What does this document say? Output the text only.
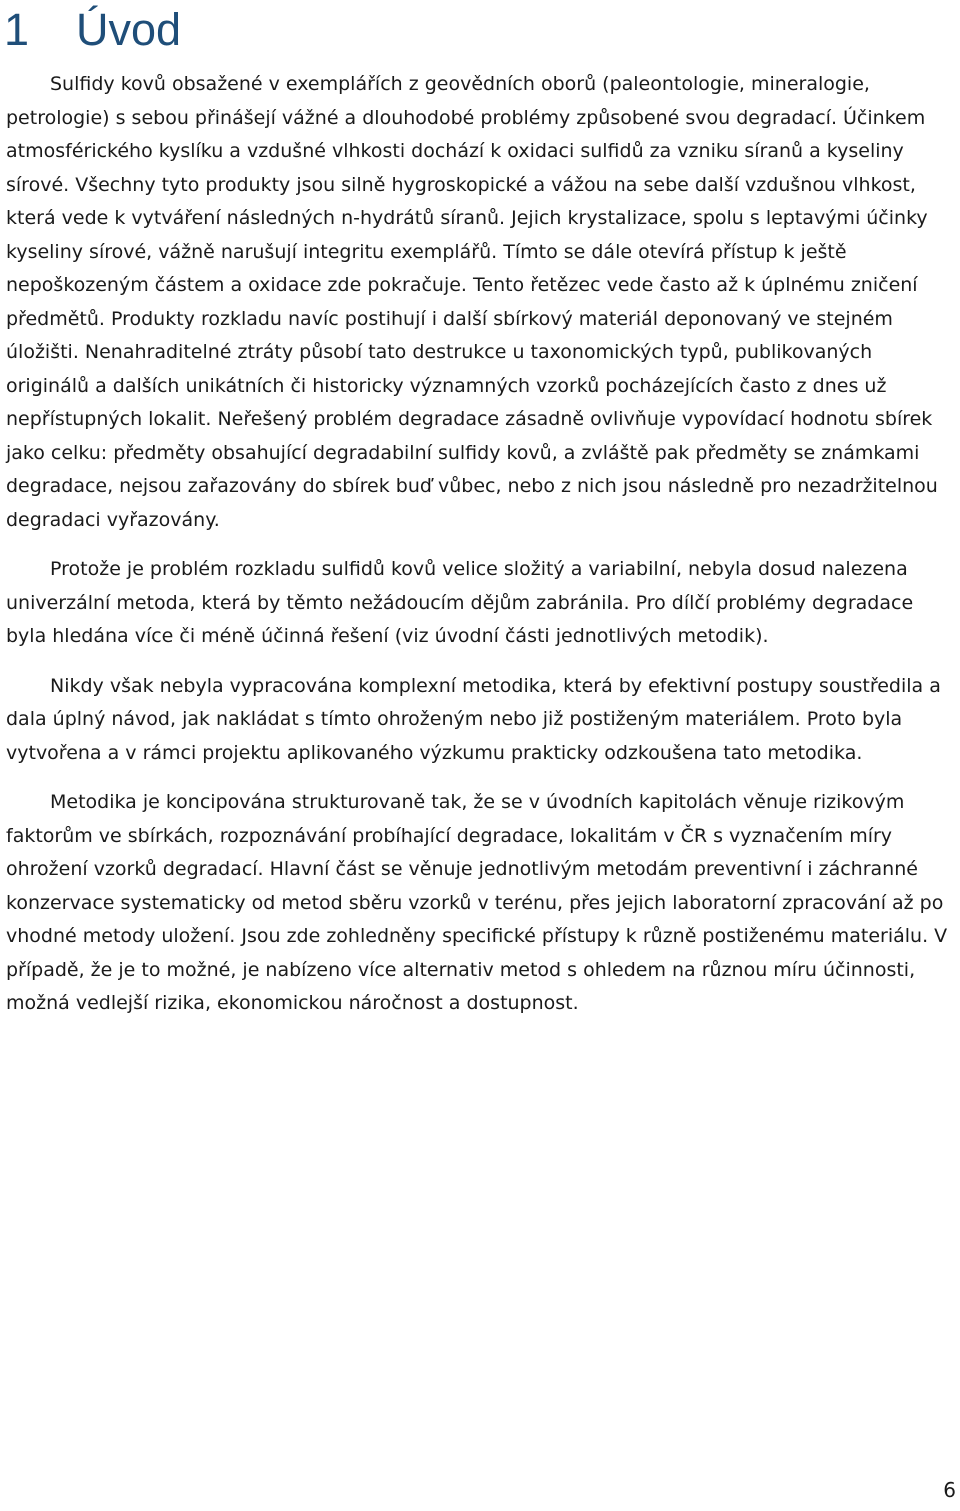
1 Úvod

Sulfidy kovů obsažené v exemplářích z geovědních oborů (paleontologie, mineralogie, petrologie) s sebou přinášejí vážné a dlouhodobé problémy způsobené svou degradací. Účinkem atmosférického kyslíku a vzdušné vlhkosti dochází k oxidaci sulfidů za vzniku síranů a kyseliny sírové. Všechny tyto produkty jsou silně hygroskopické a vážou na sebe další vzdušnou vlhkost, která vede k vytváření následných n-hydrátů síranů. Jejich krystalizace, spolu s leptavými účinky kyseliny sírové, vážně narušují integritu exemplářů. Tímto se dále otevírá přístup k ještě nepoškozeným částem a oxidace zde pokračuje. Tento řetězec vede často až k úplnému zničení předmětů. Produkty rozkladu navíc postihují i další sbírkový materiál deponovaný ve stejném úložišti. Nenahraditelné ztráty působí tato destrukce u taxonomických typů, publikovaných originálů a dalších unikátních či historicky významných vzorků pocházejících často z dnes už nepřístupných lokalit. Neřešený problém degradace zásadně ovlivňuje vypovídací hodnotu sbírek jako celku: předměty obsahující degradabilní sulfidy kovů, a zvláště pak předměty se známkami degradace, nejsou zařazovány do sbírek buď vůbec, nebo z nich jsou následně pro nezadržitelnou degradaci vyřazovány.

Protože je problém rozkladu sulfidů kovů velice složitý a variabilní, nebyla dosud nalezena univerzální metoda, která by těmto nežádoucím dějům zabránila. Pro dílčí problémy degradace byla hledána více či méně účinná řešení (viz úvodní části jednotlivých metodik).

Nikdy však nebyla vypracována komplexní metodika, která by efektivní postupy soustředila a dala úplný návod, jak nakládat s tímto ohroženým nebo již postiženým materiálem. Proto byla vytvořena a v rámci projektu aplikovaného výzkumu prakticky odzkoušena tato metodika.

Metodika je koncipována strukturovaně tak, že se v úvodních kapitolách věnuje rizikovým faktorům ve sbírkách, rozpoznávání probíhající degradace, lokalitám v ČR s vyznačením míry ohrožení vzorků degradací. Hlavní část se věnuje jednotlivým metodám preventivní i záchranné konzervace systematicky od metod sběru vzorků v terénu, přes jejich laboratorní zpracování až po vhodné metody uložení. Jsou zde zohledněny specifické přístupy k různě postiženému materiálu. V případě, že je to možné, je nabízeno více alternativ metod s ohledem na různou míru účinnosti, možná vedlejší rizika, ekonomickou náročnost a dostupnost.

6
